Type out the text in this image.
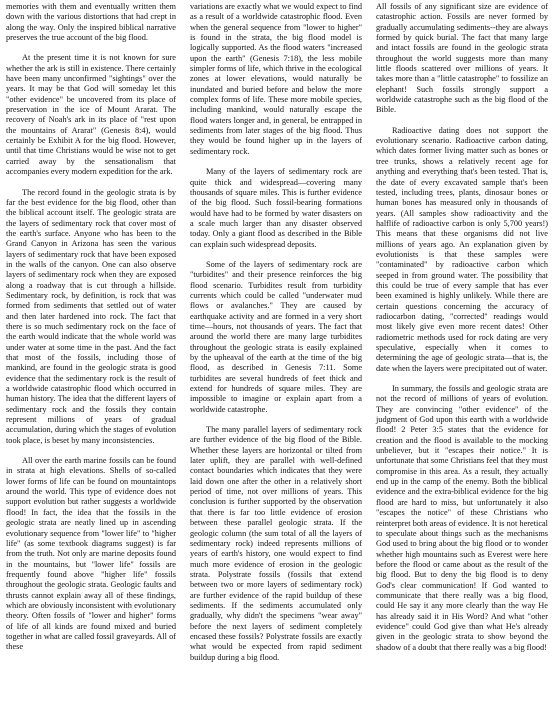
memories with them and eventually written them down with the various distortions that had crept in along the way. Only the inspired biblical narrative preserves the true account of the big flood.

At the present time it is not known for sure whether the ark is still in existence. There certainly have been many unconfirmed "sightings" over the years. It may be that God will someday let this "other evidence" be uncovered from its place of preservation in the ice of Mount Ararat. The recovery of Noah's ark in its place of "rest upon the mountains of Ararat" (Genesis 8:4), would certainly be Exhibit A for the big flood. However, until that time Christians would be wise not to get carried away by the sensationalism that accompanies every modern expedition for the ark.

The record found in the geologic strata is by far the best evidence for the big flood, other than the biblical account itself. The geologic strata are the layers of sedimentary rock that cover most of the earth's surface. Anyone who has been to the Grand Canyon in Arizona has seen the various layers of sedimentary rock that have been exposed in the walls of the canyon. One can also observe layers of sedimentary rock when they are exposed along a roadway that is cut through a hillside. Sedimentary rock, by definition, is rock that was formed from sediments that settled out of water and then later hardened into rock. The fact that there is so much sedimentary rock on the face of the earth would indicate that the whole world was under water at some time in the past. And the fact that most of the fossils, including those of mankind, are found in the geologic strata is good evidence that the sedimentary rock is the result of a worldwide catastrophic flood which occurred in human history. The idea that the different layers of sedimentary rock and the fossils they contain represent millions of years of gradual accumulation, during which the stages of evolution took place, is beset by many inconsistencies.

All over the earth marine fossils can be found in strata at high elevations. Shells of so-called lower forms of life can be found on mountaintops around the world. This type of evidence does not support evolution but rather suggests a worldwide flood! In fact, the idea that the fossils in the geologic strata are neatly lined up in ascending evolutionary sequence from "lower life" to "higher life" (as some textbook diagrams suggest) is far from the truth. Not only are marine deposits found in the mountains, but "lower life" fossils are frequently found above "higher life" fossils throughout the geologic strata. Geologic faults and thrusts cannot explain away all of these findings, which are obviously inconsistent with evolutionary theory. Often fossils of "lower and higher" forms of life of all kinds are found mixed and buried together in what are called fossil graveyards. All of these

variations are exactly what we would expect to find as a result of a worldwide catastrophic flood. Even when the general sequence from "lower to higher" is found in the strata, the big flood model is logically supported. As the flood waters "increased upon the earth" (Genesis 7:18), the less mobile simpler forms of life, which thrive in the ecological zones at lower elevations, would naturally be inundated and buried before and below the more complex forms of life. These more mobile species, including mankind, would naturally escape the flood waters longer and, in general, be entrapped in sediments from later stages of the big flood. Thus they would be found higher up in the layers of sedimentary rock.

Many of the layers of sedimentary rock are quite thick and widespread—covering many thousands of square miles. This is further evidence of the big flood. Such fossil-bearing formations would have had to be formed by water disasters on a scale much larger than any disaster observed today. Only a giant flood as described in the Bible can explain such widespread deposits.

Some of the layers of sedimentary rock are "turbidites" and their presence reinforces the big flood scenario. Turbidites result from turbidity currents which could be called "underwater mud flows or avalanches." They are caused by earthquake activity and are formed in a very short time—hours, not thousands of years. The fact that around the world there are many large turbidites throughout the geologic strata is easily explained by the upheaval of the earth at the time of the big flood, as described in Genesis 7:11. Some turbidites are several hundreds of feet thick and extend for hundreds of square miles. They are impossible to imagine or explain apart from a worldwide catastrophe.

The many parallel layers of sedimentary rock are further evidence of the big flood of the Bible. Whether these layers are horizontal or tilted from later uplift, they are parallel with well-defined contact boundaries which indicates that they were laid down one after the other in a relatively short period of time, not over millions of years. This conclusion is further supported by the observation that there is far too little evidence of erosion between these parallel geologic strata. If the geologic column (the sum total of all the layers of sedimentary rock) indeed represents millions of years of earth's history, one would expect to find much more evidence of erosion in the geologic strata. Polystrate fossils (fossils that extend between two or more layers of sedimentary rock) are further evidence of the rapid buildup of these sediments. If the sediments accumulated only gradually, why didn't the specimens "wear away" before the next layers of sediment completely encased these fossils? Polystrate fossils are exactly what would be expected from rapid sediment buildup during a big flood.

All fossils of any significant size are evidence of catastrophic action. Fossils are never formed by gradually accumulating sediments--they are always formed by quick burial. The fact that many large and intact fossils are found in the geologic strata throughout the world suggests more than many little floods scattered over millions of years. It takes more than a "little catastrophe" to fossilize an elephant! Such fossils strongly support a worldwide catastrophe such as the big flood of the Bible.

Radioactive dating does not support the evolutionary scenario. Radioactive carbon dating, which dates former living matter such as bones or tree trunks, shows a relatively recent age for anything and everything that's been tested. That is, the date of every excavated sample that's been tested, including trees, plants, dinosaur bones or human bones has measured only in thousands of years. (All samples show radioactivity and the halflife of radioactive carbon is only 5,700 years!) This means that these organisms did not live millions of years ago. An explanation given by evolutionists is that these samples were "contaminated" by radioactive carbon which seeped in from ground water. The possibility that this could be true of every sample that has ever been examined is highly unlikely. While there are certain questions concerning the accuracy of radiocarbon dating, "corrected" readings would most likely give even more recent dates! Other radiometric methods used for rock dating are very speculative, especially when it comes to determining the age of geologic strata—that is, the date when the layers were precipitated out of water.

In summary, the fossils and geologic strata are not the record of millions of years of evolution. They are convincing "other evidence" of the judgment of God upon this earth with a worldwide flood! 2 Peter 3:5 states that the evidence for creation and the flood is available to the mocking unbeliever, but it "escapes their notice." It is unfortunate that some Christians feel that they must compromise in this area. As a result, they actually end up in the camp of the enemy. Both the biblical evidence and the extra-biblical evidence for the big flood are hard to miss, but unfortunately it also "escapes the notice" of these Christians who reinterpret both areas of evidence. It is not heretical to speculate about things such as the mechanisms God used to bring about the big flood or to wonder whether high mountains such as Everest were here before the flood or came about as the result of the big flood. But to deny the big flood is to deny God's clear communication! If God wanted to communicate that there really was a big flood, could He say it any more clearly than the way He has already said it in His Word? And what "other evidence" could God give than what He's already given in the geologic strata to show beyond the shadow of a doubt that there really was a big flood!
